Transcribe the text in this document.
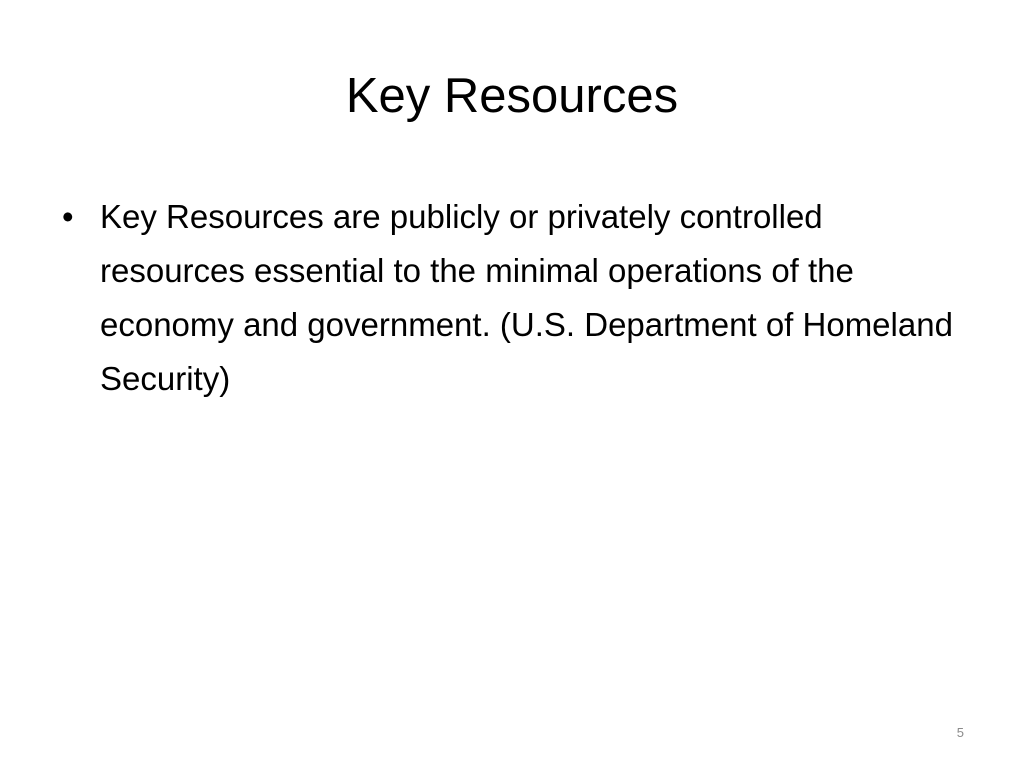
Key Resources
• Key Resources are publicly or privately controlled resources essential to the minimal operations of the economy and government. (U.S. Department of Homeland Security)
5
